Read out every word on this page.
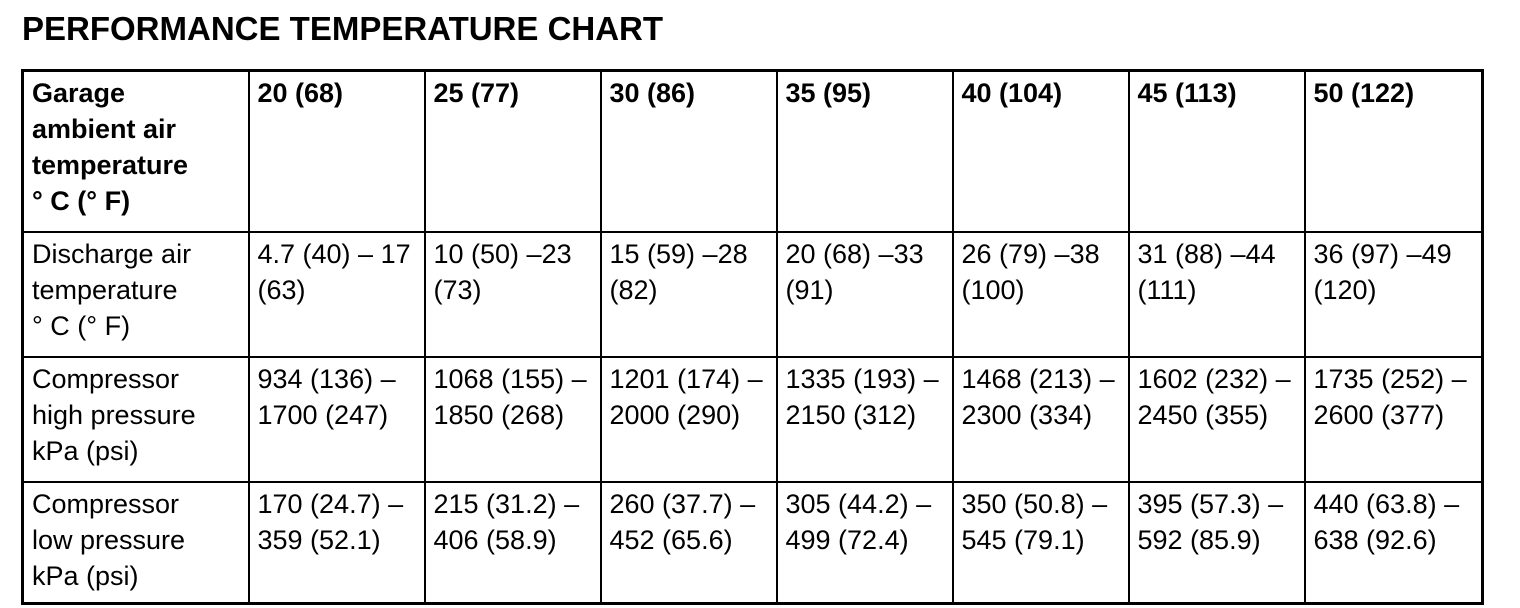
PERFORMANCE TEMPERATURE CHART
Garage
ambient air
temperature
° C (° F)	20 (68)	25 (77)	30 (86)	35 (95)	40 (104)	45 (113)	50 (122)

Discharge air
temperature
° C (° F)	4.7 (40) – 17 (63)	10 (50) –23 (73)	15 (59) –28 (82)	20 (68) –33 (91)	26 (79) –38 (100)	31 (88) –44 (111)	36 (97) –49 (120)

Compressor
high pressure
kPa (psi)	934 (136) – 1700 (247)	1068 (155) –1850 (268)	1201 (174) –2000 (290)	1335 (193) –2150 (312)	1468 (213) –2300 (334)	1602 (232) –2450 (355)	1735 (252) –2600 (377)

Compressor
low pressure
kPa (psi)	170 (24.7) – 359 (52.1)	215 (31.2) – 406 (58.9)	260 (37.7) – 452 (65.6)	305 (44.2) – 499 (72.4)	350 (50.8) – 545 (79.1)	395 (57.3) – 592 (85.9)	440 (63.8) – 638 (92.6)
